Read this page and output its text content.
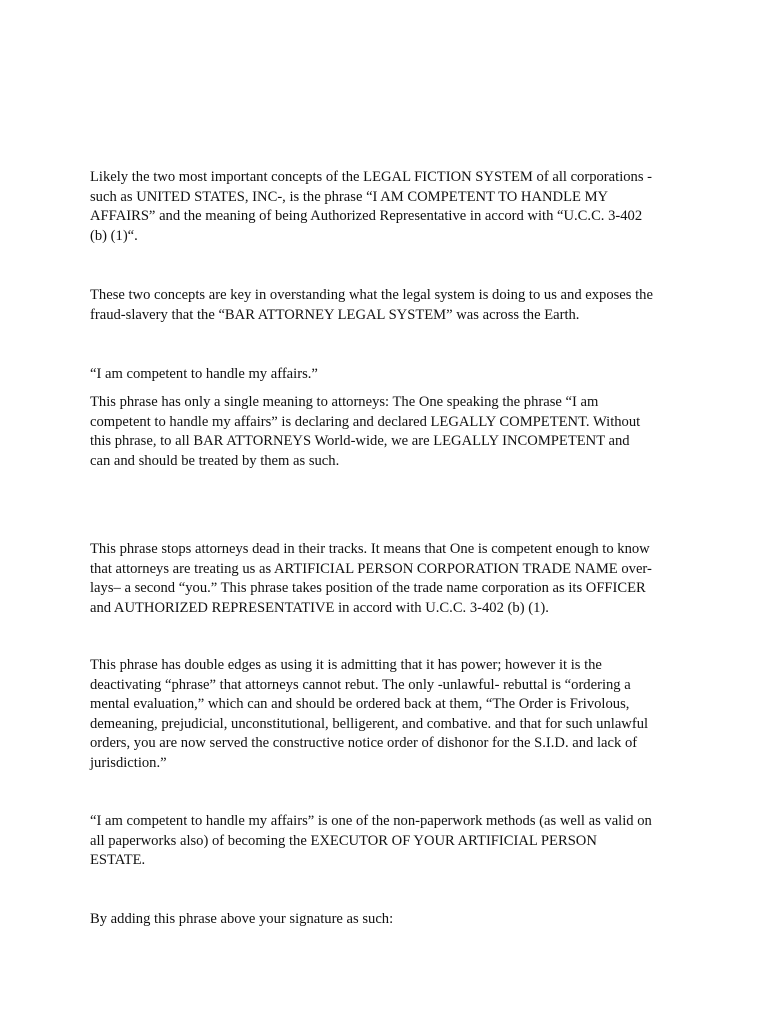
Likely the two most important concepts of the LEGAL FICTION SYSTEM of all corporations -
such as UNITED STATES, INC-, is the phrase “I AM COMPETENT TO HANDLE MY
AFFAIRS” and the meaning of being Authorized Representative in accord with “U.C.C. 3-402
(b) (1)“.

These two concepts are key in overstanding what the legal system is doing to us and exposes the
fraud-slavery that the “BAR ATTORNEY LEGAL SYSTEM” was across the Earth.

“I am competent to handle my affairs.”

This phrase has only a single meaning to attorneys: The One speaking the phrase “I am
competent to handle my affairs” is declaring and declared LEGALLY COMPETENT. Without
this phrase, to all BAR ATTORNEYS World-wide, we are LEGALLY INCOMPETENT and
can and should be treated by them as such.

This phrase stops attorneys dead in their tracks. It means that One is competent enough to know
that attorneys are treating us as ARTIFICIAL PERSON CORPORATION TRADE NAME over-
lays– a second “you.” This phrase takes position of the trade name corporation as its OFFICER
and AUTHORIZED REPRESENTATIVE in accord with U.C.C. 3-402 (b) (1).

This phrase has double edges as using it is admitting that it has power; however it is the
deactivating “phrase” that attorneys cannot rebut. The only -unlawful- rebuttal is “ordering a
mental evaluation,” which can and should be ordered back at them, “The Order is Frivolous,
demeaning, prejudicial, unconstitutional, belligerent, and combative. and that for such unlawful
orders, you are now served the constructive notice order of dishonor for the S.I.D. and lack of
jurisdiction.”

“I am competent to handle my affairs” is one of the non-paperwork methods (as well as valid on
all paperworks also) of becoming the EXECUTOR OF YOUR ARTIFICIAL PERSON
ESTATE.

By adding this phrase above your signature as such:
